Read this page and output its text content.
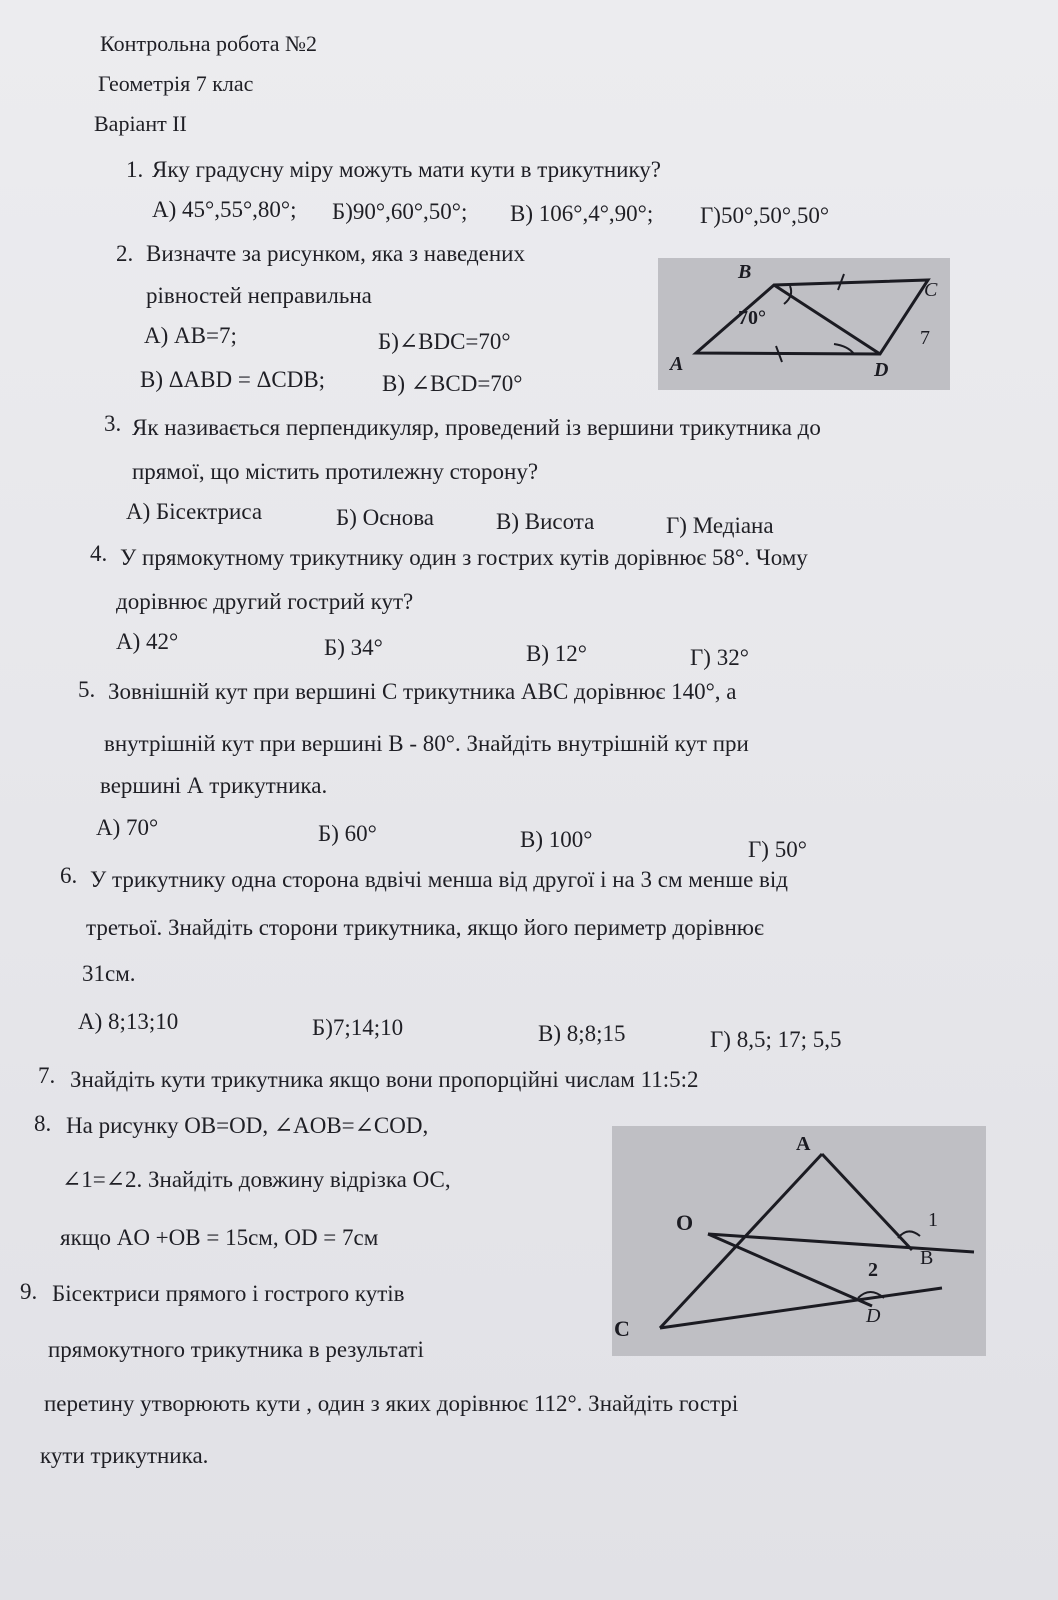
Контрольна робота №2
Геометрія 7 клас
Варіант II
1. Яку градусну міру можуть мати кути в трикутнику?
А) 45°,55°,80°; Б)90°,60°,50°; В) 106°,4°,90°; Г)50°,50°,50°
2. Визначте за рисунком, яка з наведених
рівностей неправильна
А) АВ=7;	Б)∠BDC=70°
В) ΔABD = ΔCDB; В) ∠BCD=70°
B
C
A	D
70°
7
3. Як називається перпендикуляр, проведений із вершини трикутника до
прямої, що містить протилежну сторону?
А) Бісектриса	Б) Основа	В) Висота	Г) Медіана
4. У прямокутному трикутнику один з гострих кутів дорівнює 58°. Чому
дорівнює другий гострий кут?
А) 42°	Б) 34°	В) 12°	Г) 32°
5. Зовнішній кут при вершині С трикутника АВС дорівнює 140°, а
внутрішній кут при вершині В - 80°. Знайдіть внутрішній кут при
вершині А трикутника.
А) 70°	Б) 60°	В) 100°	Г) 50°
6. У трикутнику одна сторона вдвічі менша від другої і на 3 см менше від
третьої. Знайдіть сторони трикутника, якщо його периметр дорівнює
31см.
А) 8;13;10	Б)7;14;10	В) 8;8;15	Г) 8,5; 17; 5,5
7. Знайдіть кути трикутника якщо вони пропорційні числам 11:5:2
8. На рисунку OB=OD, ∠AOB=∠COD,
∠1=∠2. Знайдіть довжину відрізка ОС,
якщо AO +OB = 15см, OD = 7см
A
O
B
C	D
1
2
9. Бісектриси прямого і гострого кутів
прямокутного трикутника в результаті
перетину утворюють кути , один з яких дорівнює 112°. Знайдіть гострі
кути трикутника.
